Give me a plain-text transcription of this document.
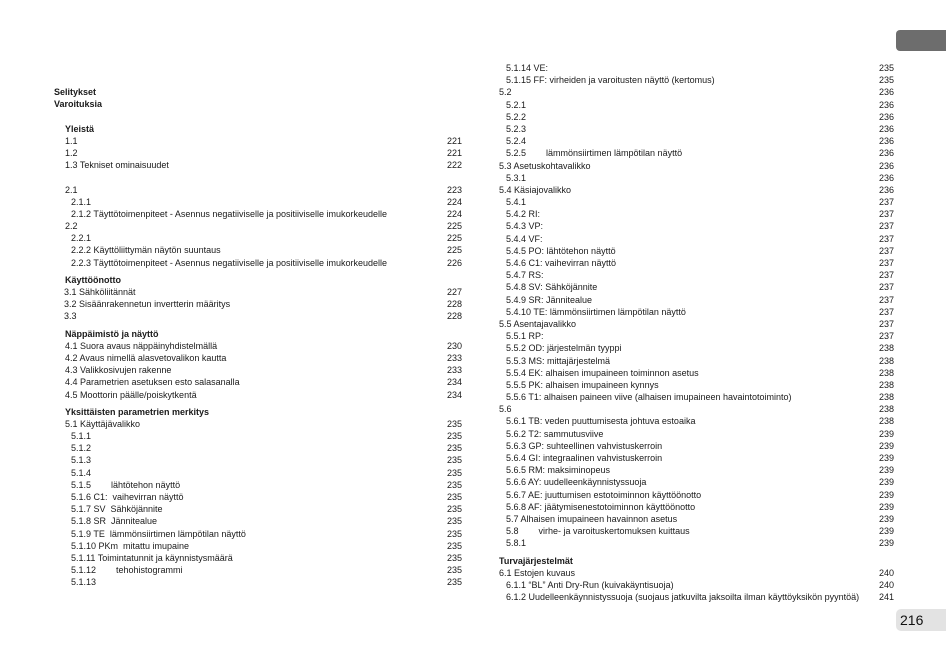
Selitykset
Varoituksia
Yleistä
1.1	221
1.2	221
1.3 Tekniset ominaisuudet	222
2.1	223
2.1.1	224
2.1.2 Täyttötoimenpiteet - Asennus negatiiviselle ja positiiviselle imukorkeudelle	224
2.2	225
2.2.1	225
2.2.2 Käyttöliittymän näytön suuntaus	225
2.2.3 Täyttötoimenpiteet - Asennus negatiiviselle ja positiiviselle imukorkeudelle	226
Käyttöönotto
3.1 Sähköliitännät	227
3.2 Sisäänrakennetun invertterin määritys	228
3.3	228
Näppäimistö ja näyttö
4.1 Suora avaus näppäinyhdistelmällä	230
4.2 Avaus nimellä alasvetovalikon kautta	233
4.3 Valikkosivujen rakenne	233
4.4 Parametrien asetuksen esto salasanalla	234
4.5 Moottorin päälle/poiskytkentä	234
Yksittäisten parametrien merkitys
5.1 Käyttäjävalikko	235
5.1.1	235
5.1.2	235
5.1.3	235
5.1.4	235
5.1.5        lähtötehon näyttö	235
5.1.6 C1:  vaihevirran näyttö	235
5.1.7 SV  Sähköjännite	235
5.1.8 SR  Jännitealue	235
5.1.9 TE  lämmönsiirtimen lämpötilan näyttö	235
5.1.10 PKm  mitattu imupaine	235
5.1.11 Toimintatunnit ja käynnistysmäärä	235
5.1.12        tehohistogrammi	235
5.1.13	235
5.1.14 VE:	235
5.1.15 FF: virheiden ja varoitusten näyttö (kertomus)	235
5.2	236
5.2.1	236
5.2.2	236
5.2.3	236
5.2.4	236
5.2.5        lämmönsiirtimen lämpötilan näyttö	236
5.3 Asetuskohtavalikko	236
5.3.1	236
5.4 Käsiajovalikko	236
5.4.1	237
5.4.2 RI:	237
5.4.3 VP:	237
5.4.4 VF:	237
5.4.5 PO: lähtötehon näyttö	237
5.4.6 C1: vaihevirran näyttö	237
5.4.7 RS:	237
5.4.8 SV: Sähköjännite	237
5.4.9 SR: Jännitealue	237
5.4.10 TE: lämmönsiirtimen lämpötilan näyttö	237
5.5 Asentajavalikko	237
5.5.1 RP:	237
5.5.2 OD: järjestelmän tyyppi	238
5.5.3 MS: mittajärjestelmä	238
5.5.4 EK: alhaisen imupaineen toiminnon asetus	238
5.5.5 PK: alhaisen imupaineen kynnys	238
5.5.6 T1: alhaisen paineen viive (alhaisen imupaineen havaintotoiminto)	238
5.6	238
5.6.1 TB: veden puuttumisesta johtuva estoaika	238
5.6.2 T2: sammutusviive	239
5.6.3 GP: suhteellinen vahvistuskerroin	239
5.6.4 GI: integraalinen vahvistuskerroin	239
5.6.5 RM: maksiminopeus	239
5.6.6 AY: uudelleenkäynnistyssuoja	239
5.6.7 AE: juuttumisen estotoiminnon käyttöönotto	239
5.6.8 AF: jäätymisenestotoiminnon käyttöönotto	239
5.7 Alhaisen imupaineen havainnon asetus	239
5.8        virhe- ja varoituskertomuksen kuittaus	239
5.8.1	239
Turvajärjestelmät
6.1 Estojen kuvaus	240
6.1.1 “BL” Anti Dry-Run (kuivakäyntisuoja)	240
6.1.2 Uudelleenkäynnistyssuoja (suojaus jatkuvilta jaksoilta ilman käyttöyksikön pyyntöä) 241
216
